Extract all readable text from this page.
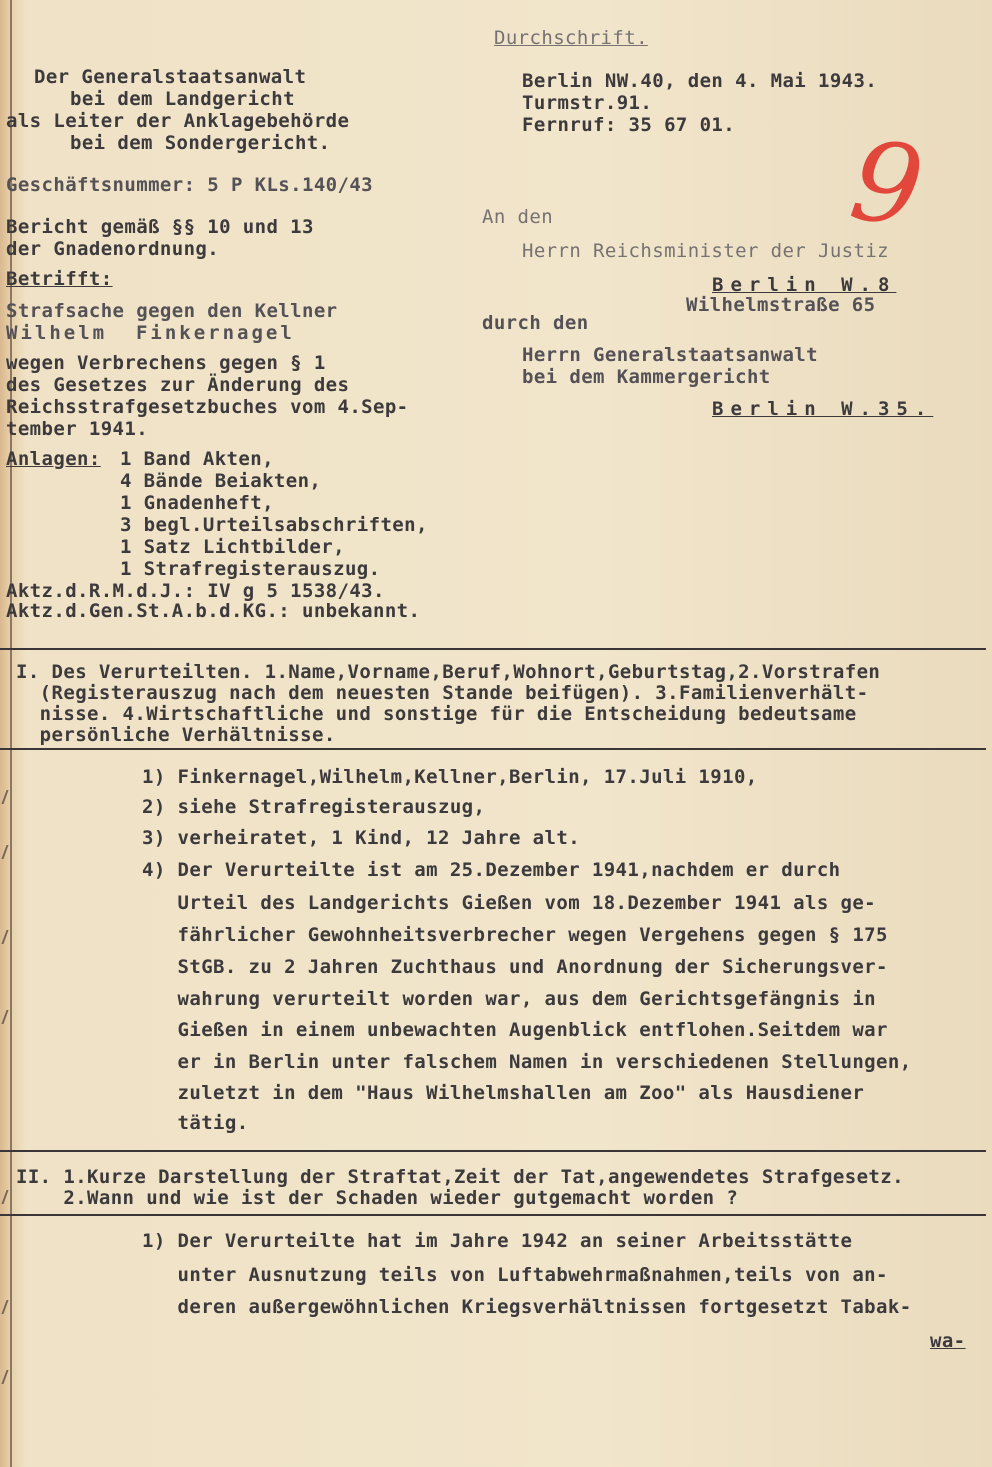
Durchschrift.
Der Generalstaatsanwalt
bei dem Landgericht
als Leiter der Anklagebehörde
bei dem Sondergericht.
Berlin NW.40, den 4. Mai 1943.
Turmstr.91.
Fernruf: 35 67 01. 9
Geschäftsnummer: 5 P KLs.140/43
Bericht gemäß §§ 10 und 13
der Gnadenordnung.
An den
Herrn Reichsminister der Justiz
Berlin W.8
Wilhelmstraße 65
durch den
Herrn Generalstaatsanwalt
bei dem Kammergericht
Berlin W.35.
Betrifft:
Strafsache gegen den Kellner
Wilhelm  Finkernagel
wegen Verbrechens gegen § 1
des Gesetzes zur Änderung des
Reichsstrafgesetzbuches vom 4.Sep-
tember 1941.
Anlagen: 1 Band Akten,
4 Bände Beiakten,
1 Gnadenheft,
3 begl.Urteilsabschriften,
1 Satz Lichtbilder,
1 Strafregisterauszug.
Aktz.d.R.M.d.J.: IV g 5 1538/43.
Aktz.d.Gen.St.A.b.d.KG.: unbekannt.
I. Des Verurteilten. 1.Name,Vorname,Beruf,Wohnort,Geburtstag,2.Vorstrafen
(Registerauszug nach dem neuesten Stande beifügen). 3.Familienverhält-
nisse. 4.Wirtschaftliche und sonstige für die Entscheidung bedeutsame
persönliche Verhältnisse.
1) Finkernagel,Wilhelm,Kellner,Berlin, 17.Juli 1910,
2) siehe Strafregisterauszug,
3) verheiratet, 1 Kind, 12 Jahre alt.
4) Der Verurteilte ist am 25.Dezember 1941,nachdem er durch
Urteil des Landgerichts Gießen vom 18.Dezember 1941 als ge-
fährlicher Gewohnheitsverbrecher wegen Vergehens gegen § 175
StGB. zu 2 Jahren Zuchthaus und Anordnung der Sicherungsver-
wahrung verurteilt worden war, aus dem Gerichtsgefängnis in
Gießen in einem unbewachten Augenblick entflohen.Seitdem war
er in Berlin unter falschem Namen in verschiedenen Stellungen,
zuletzt in dem "Haus Wilhelmshallen am Zoo" als Hausdiener
tätig.
II. 1.Kurze Darstellung der Straftat,Zeit der Tat,angewendetes Strafgesetz.
2.Wann und wie ist der Schaden wieder gutgemacht worden ?
1) Der Verurteilte hat im Jahre 1942 an seiner Arbeitsstätte
unter Ausnutzung teils von Luftabwehrmaßnahmen,teils von an-
deren außergewöhnlichen Kriegsverhältnissen fortgesetzt Tabak-
wa-
